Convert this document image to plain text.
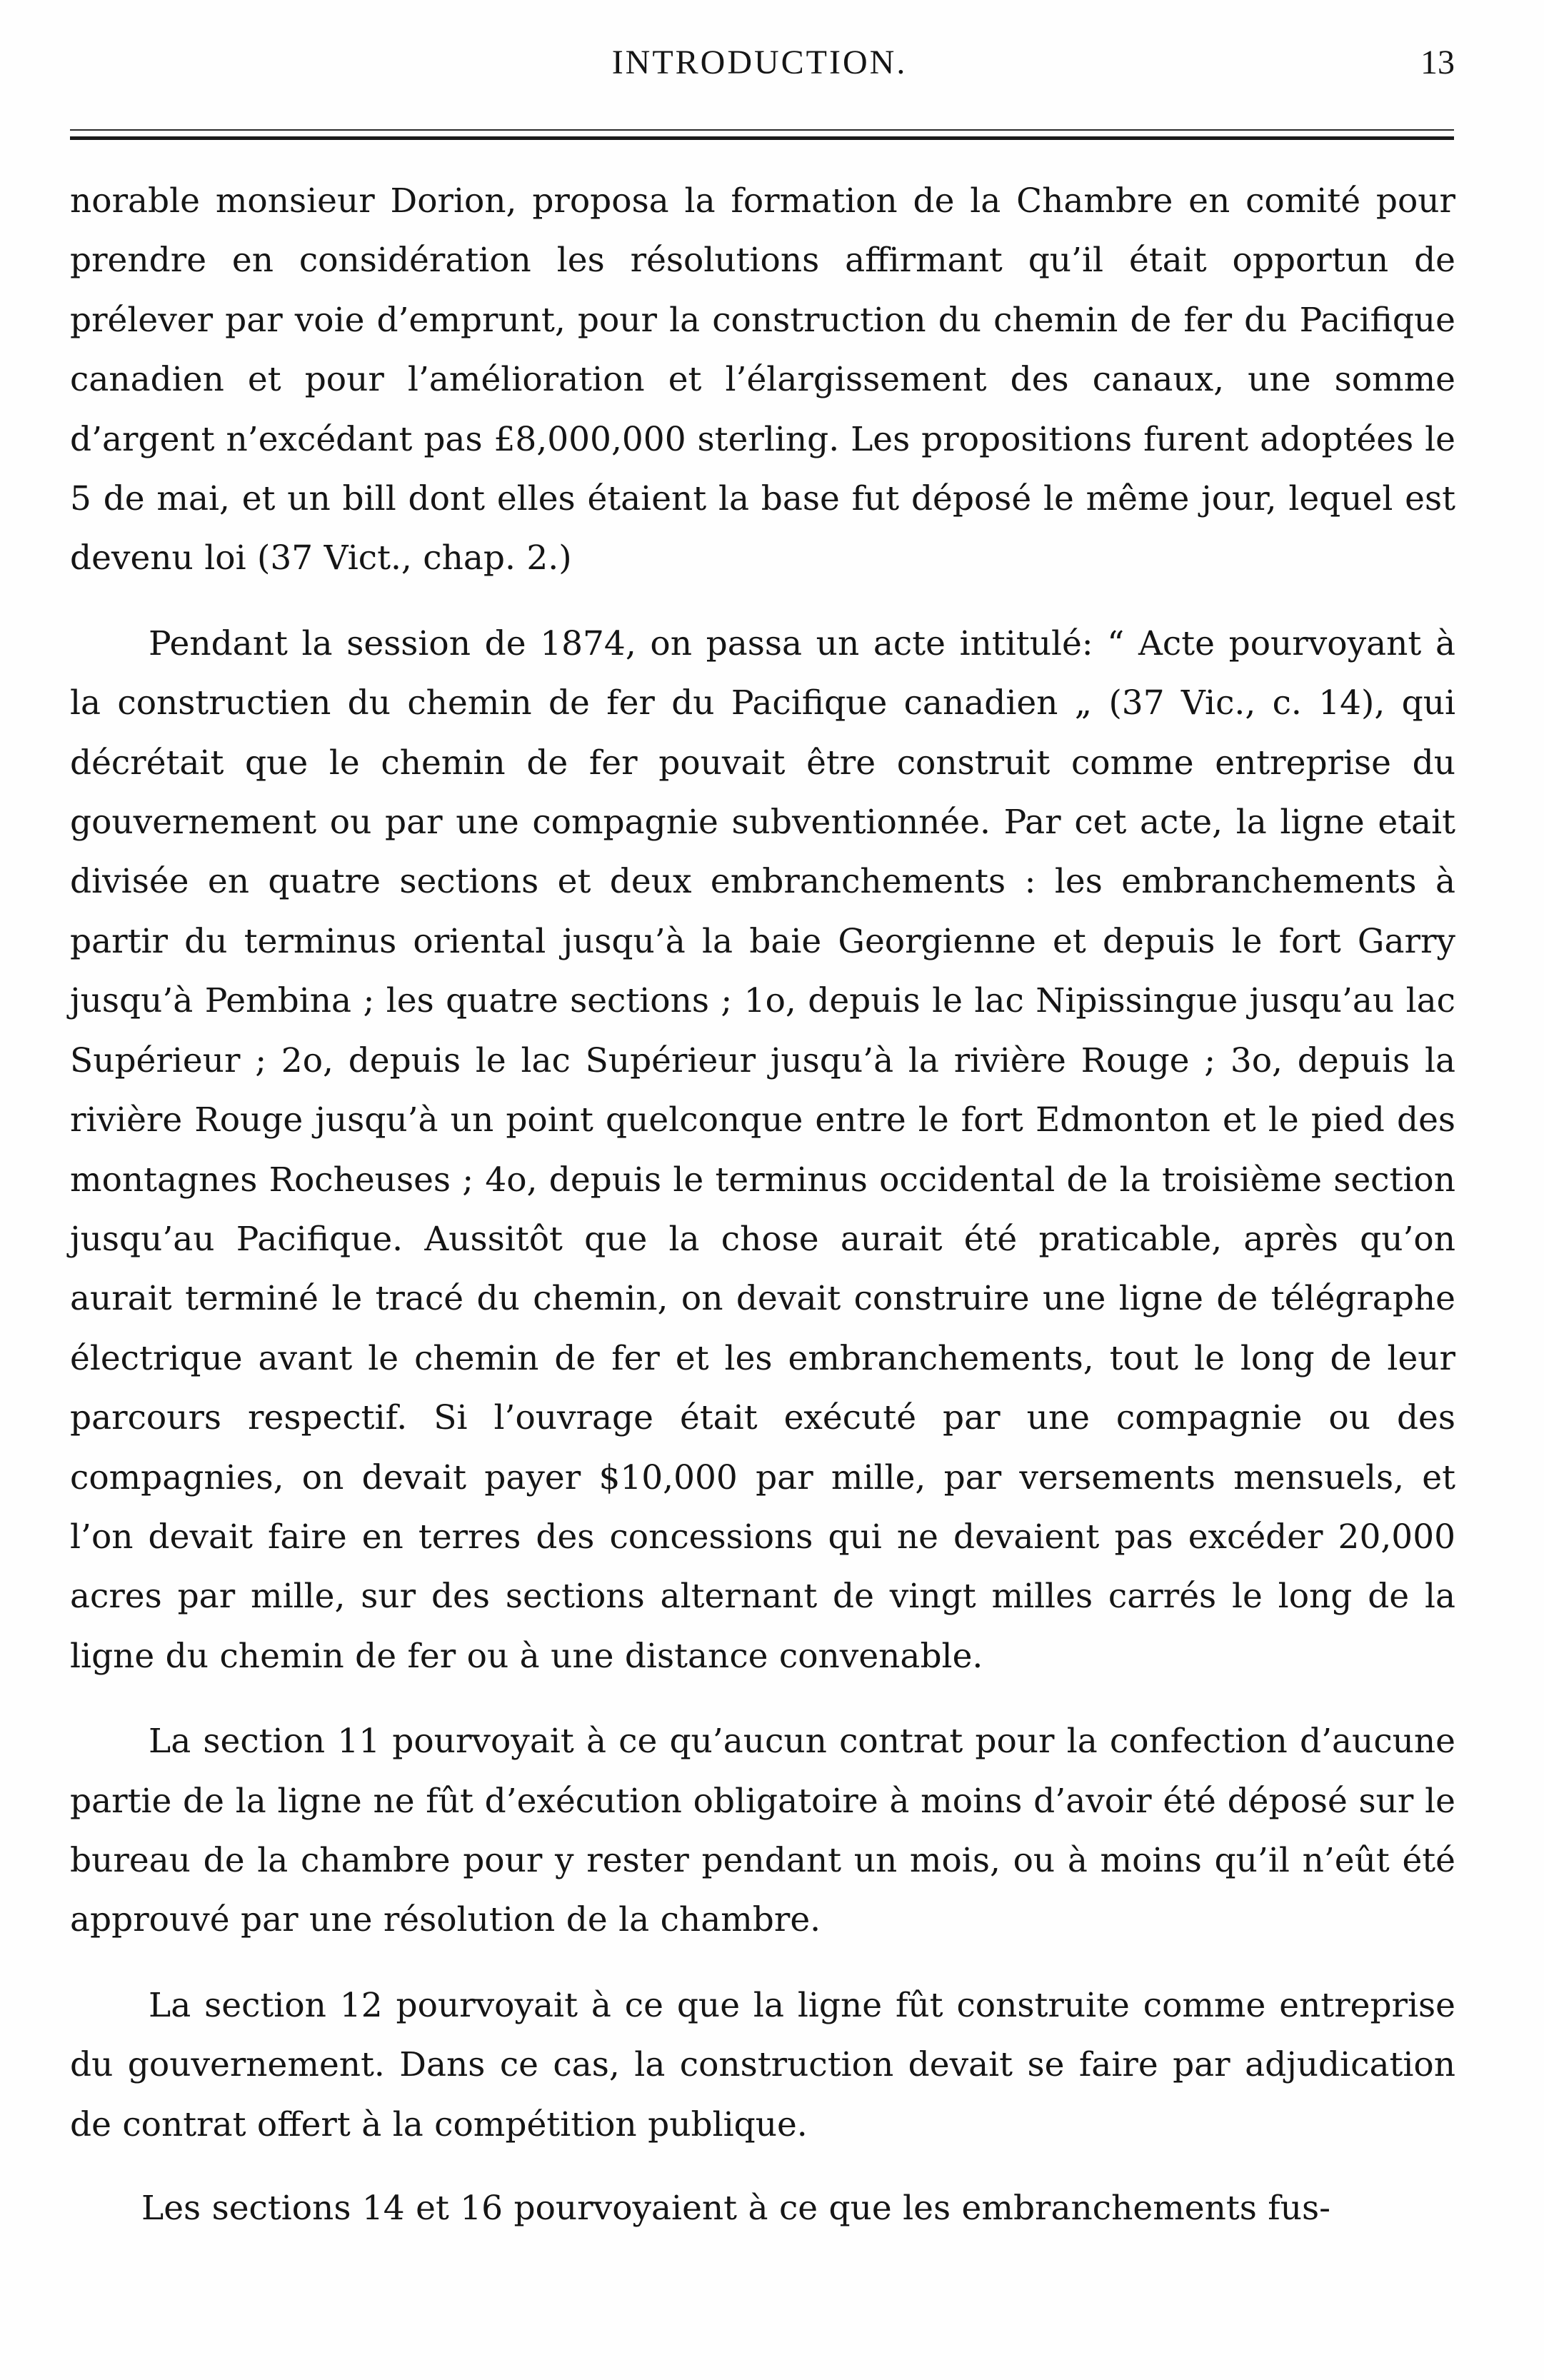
INTRODUCTION.	13

norable monsieur Dorion, proposa la formation de la Chambre en comité pour prendre en considération les résolutions affirmant qu’il était opportun de prélever par voie d’emprunt, pour la construction du chemin de fer du Pacifique canadien et pour l’amélioration et l’élargissement des canaux, une somme d’argent n’excédant pas £8,000,000 sterling. Les propositions furent adoptées le 5 de mai, et un bill dont elles étaient la base fut déposé le même jour, lequel est devenu loi (37 Vict., chap. 2.)

Pendant la session de 1874, on passa un acte intitulé: “ Acte pourvoyant à la constructien du chemin de fer du Pacifique canadien „ (37 Vic., c. 14), qui décrétait que le chemin de fer pouvait être construit comme entreprise du gouvernement ou par une compagnie subventionnée. Par cet acte, la ligne etait divisée en quatre sections et deux embranchements : les embranchements à partir du terminus oriental jusqu’à la baie Georgienne et depuis le fort Garry jusqu’à Pembina ; les quatre sections ; 1o, depuis le lac Nipissingue jusqu’au lac Supérieur ; 2o, depuis le lac Supérieur jusqu’à la rivière Rouge ; 3o, depuis la rivière Rouge jusqu’à un point quelconque entre le fort Edmonton et le pied des montagnes Rocheuses ; 4o, depuis le terminus occidental de la troisième section jusqu’au Pacifique. Aussitôt que la chose aurait été praticable, après qu’on aurait terminé le tracé du chemin, on devait construire une ligne de télégraphe électrique avant le chemin de fer et les embranchements, tout le long de leur parcours respectif. Si l’ouvrage était exécuté par une compagnie ou des compagnies, on devait payer $10,000 par mille, par versements mensuels, et l’on devait faire en terres des concessions qui ne devaient pas excéder 20,000 acres par mille, sur des sections alternant de vingt milles carrés le long de la ligne du chemin de fer ou à une distance convenable.

La section 11 pourvoyait à ce qu’aucun contrat pour la confection d’aucune partie de la ligne ne fût d’exécution obligatoire à moins d’avoir été déposé sur le bureau de la chambre pour y rester pendant un mois, ou à moins qu’il n’eût été approuvé par une résolution de la chambre.

La section 12 pourvoyait à ce que la ligne fût construite comme entreprise du gouvernement. Dans ce cas, la construction devait se faire par adjudication de contrat offert à la compétition publique.

Les sections 14 et 16 pourvoyaient à ce que les embranchements fus-
